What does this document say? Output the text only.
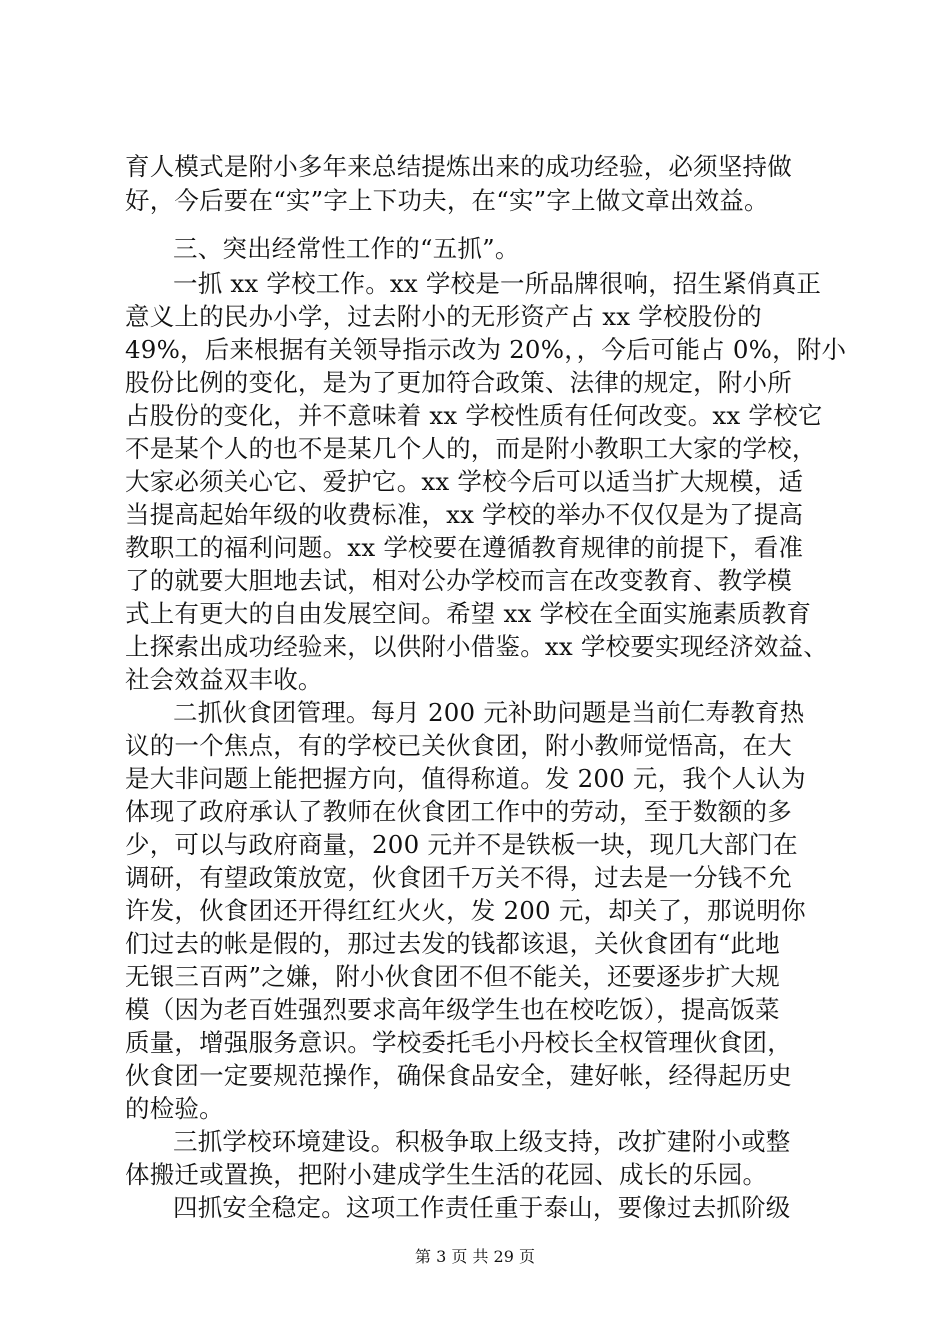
育人模式是附小多年来总结提炼出来的成功经验，必须坚持做
好，今后要在“实”字上下功夫，在“实”字上做文章出效益。
三、突出经常性工作的“五抓”。
一抓 xx 学校工作。xx 学校是一所品牌很响，招生紧俏真正
意义上的民办小学，过去附小的无形资产占 xx 学校股份的
49%，后来根据有关领导指示改为 20%，，今后可能占 0%，附小
股份比例的变化，是为了更加符合政策、法律的规定，附小所
占股份的变化，并不意味着 xx 学校性质有任何改变。xx 学校它
不是某个人的也不是某几个人的，而是附小教职工大家的学校，
大家必须关心它、爱护它。xx 学校今后可以适当扩大规模，适
当提高起始年级的收费标准，xx 学校的举办不仅仅是为了提高
教职工的福利问题。xx 学校要在遵循教育规律的前提下，看准
了的就要大胆地去试，相对公办学校而言在改变教育、教学模
式上有更大的自由发展空间。希望 xx 学校在全面实施素质教育
上探索出成功经验来，以供附小借鉴。xx 学校要实现经济效益、
社会效益双丰收。
二抓伙食团管理。每月 200 元补助问题是当前仁寿教育热
议的一个焦点，有的学校已关伙食团，附小教师觉悟高，在大
是大非问题上能把握方向，值得称道。发 200 元，我个人认为
体现了政府承认了教师在伙食团工作中的劳动，至于数额的多
少，可以与政府商量，200 元并不是铁板一块，现几大部门在
调研，有望政策放宽，伙食团千万关不得，过去是一分钱不允
许发，伙食团还开得红红火火，发 200 元，却关了，那说明你
们过去的帐是假的，那过去发的钱都该退，关伙食团有“此地
无银三百两”之嫌，附小伙食团不但不能关，还要逐步扩大规
模（因为老百姓强烈要求高年级学生也在校吃饭），提高饭菜
质量，增强服务意识。学校委托毛小丹校长全权管理伙食团，
伙食团一定要规范操作，确保食品安全，建好帐，经得起历史
的检验。
三抓学校环境建设。积极争取上级支持，改扩建附小或整
体搬迁或置换，把附小建成学生生活的花园、成长的乐园。
四抓安全稳定。这项工作责任重于泰山，要像过去抓阶级
第 3 页 共 29 页
